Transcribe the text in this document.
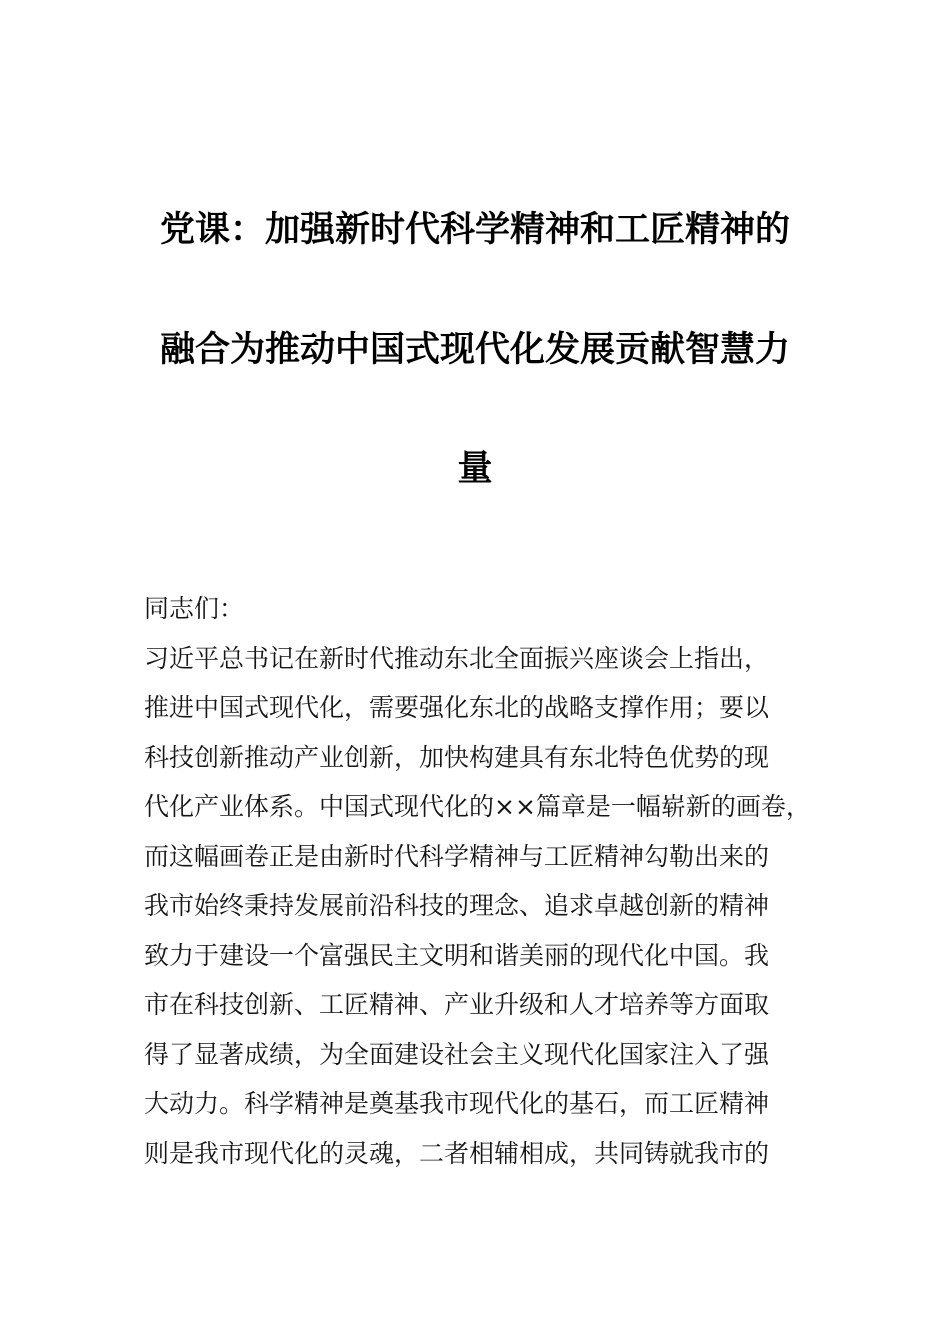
党课：加强新时代科学精神和工匠精神的
融合为推动中国式现代化发展贡献智慧力
量
同志们：
习近平总书记在新时代推动东北全面振兴座谈会上指出，
推进中国式现代化，需要强化东北的战略支撑作用；要以
科技创新推动产业创新，加快构建具有东北特色优势的现
代化产业体系。中国式现代化的××篇章是一幅崭新的画卷，
而这幅画卷正是由新时代科学精神与工匠精神勾勒出来的
我市始终秉持发展前沿科技的理念、追求卓越创新的精神
致力于建设一个富强民主文明和谐美丽的现代化中国。我
市在科技创新、工匠精神、产业升级和人才培养等方面取
得了显著成绩，为全面建设社会主义现代化国家注入了强
大动力。科学精神是奠基我市现代化的基石，而工匠精神
则是我市现代化的灵魂，二者相辅相成，共同铸就我市的
